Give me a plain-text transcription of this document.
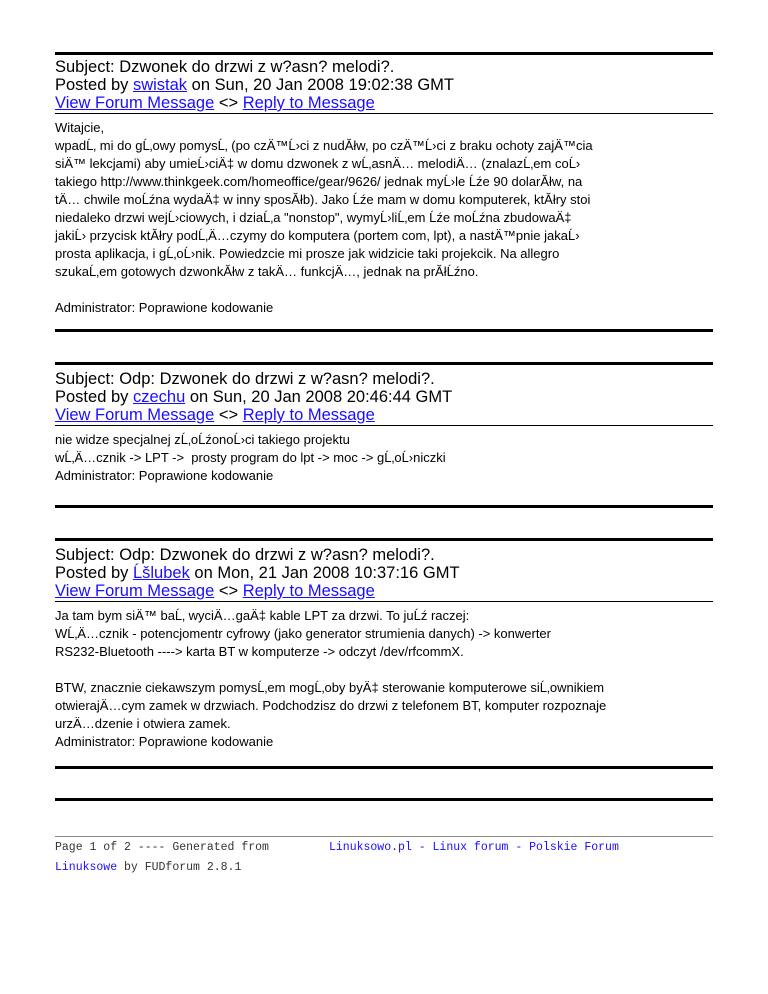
Subject: Dzwonek do drzwi z w?asn? melodi?.
Posted by swistak on Sun, 20 Jan 2008 19:02:38 GMT
View Forum Message <> Reply to Message
Witajcie,
wpadĹ‚ mi do gĹ‚owy pomysĹ‚ (po czÄ™Ĺ›ci z nudĂłw, po czÄ™Ĺ›ci z braku ochoty zajÄ™cia
siÄ™ lekcjami) aby umieĹ›ciÄ‡ w domu dzwonek z wĹ‚asnÄ… melodiÄ… (znalazĹ‚em coĹ›
takiego http://www.thinkgeek.com/homeoffice/gear/9626/ jednak myĹ›le Ĺźe 90 dolarĂłw, na
tÄ… chwile moĹźna wydaÄ‡ w inny sposĂłb). Jako Ĺźe mam w domu komputerek, ktĂłry stoi
niedaleko drzwi wejĹ›ciowych, i dziaĹ‚a "nonstop", wymyĹ›liĹ‚em Ĺźe moĹźna zbudowaÄ‡
jakiĹ› przycisk ktĂłry podĹ‚Ä…czymy do komputera (portem com, lpt), a nastÄ™pnie jakaĹ›
prosta aplikacja, i gĹ‚oĹ›nik. Powiedzcie mi prosze jak widzicie taki projekcik. Na allegro
szukaĹ‚em gotowych dzwonkĂłw z takÄ… funkcjÄ…, jednak na prĂłĹźno.

Administrator: Poprawione kodowanie
Subject: Odp: Dzwonek do drzwi z w?asn? melodi?.
Posted by czechu on Sun, 20 Jan 2008 20:46:44 GMT
View Forum Message <> Reply to Message
nie widze specjalnej zĹ‚oĹźonoĹ›ci takiego projektu
wĹ‚Ä…cznik -> LPT ->  prosty program do lpt -> moc -> gĹ‚oĹ›niczki
Administrator: Poprawione kodowanie
Subject: Odp: Dzwonek do drzwi z w?asn? melodi?.
Posted by Ĺšlubek on Mon, 21 Jan 2008 10:37:16 GMT
View Forum Message <> Reply to Message
Ja tam bym siÄ™ baĹ‚ wyciÄ…gaÄ‡ kable LPT za drzwi. To juĹź raczej:
WĹ‚Ä…cznik - potencjomentr cyfrowy (jako generator strumienia danych) -> konwerter
RS232-Bluetooth ----> karta BT w komputerze -> odczyt /dev/rfcommX.

BTW, znacznie ciekawszym pomysĹ‚em mogĹ‚oby byÄ‡ sterowanie komputerowe siĹ‚ownikiem
otwierajÄ…cym zamek w drzwiach. Podchodzisz do drzwi z telefonem BT, komputer rozpoznaje
urzÄ…dzenie i otwiera zamek.
Administrator: Poprawione kodowanie
Page 1 of 2 ---- Generated from
Linuksowe by FUDforum 2.8.1
Linuksowo.pl - Linux forum - Polskie Forum
